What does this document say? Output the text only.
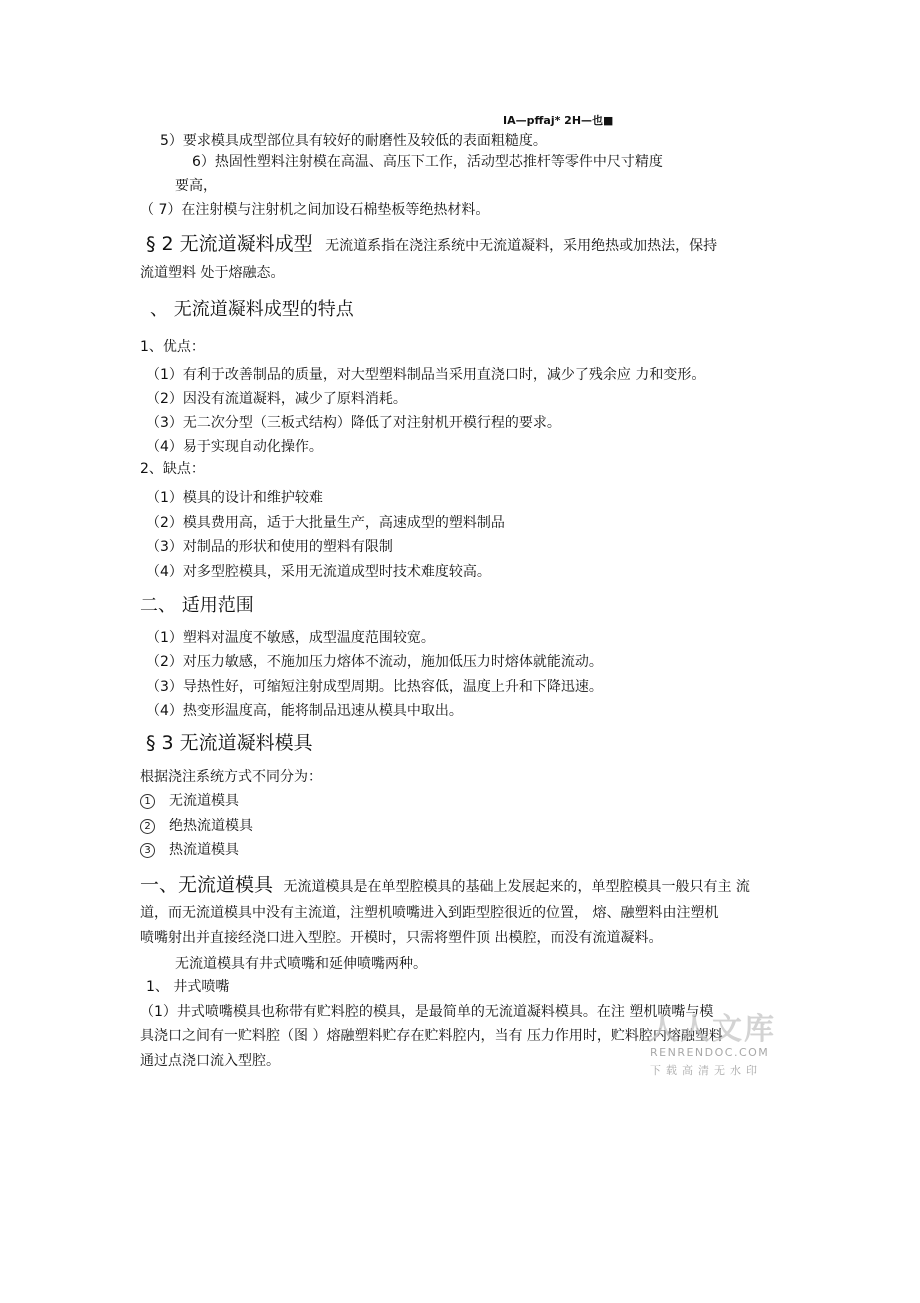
IA—pffaj* 2H—也■
5）要求模具成型部位具有较好的耐磨性及较低的表面粗糙度。
6）热固性塑料注射模在高温、高压下工作，活动型芯推杆等零件中尺寸精度
要高，
（ 7）在注射模与注射机之间加设石棉垫板等绝热材料。
§ 2 无流道凝料成型 无流道系指在浇注系统中无流道凝料，采用绝热或加热法，保持
流道塑料 处于熔融态。
、 无流道凝料成型的特点
1、优点：
（1）有利于改善制品的质量，对大型塑料制品当采用直浇口时，减少了残余应 力和变形。
（2）因没有流道凝料，减少了原料消耗。
（3）无二次分型（三板式结构）降低了对注射机开模行程的要求。
（4）易于实现自动化操作。
2、缺点：
（1）模具的设计和维护较难
（2）模具费用高，适于大批量生产，高速成型的塑料制品
（3）对制品的形状和使用的塑料有限制
（4）对多型腔模具，采用无流道成型时技术难度较高。
二、 适用范围
（1）塑料对温度不敏感，成型温度范围较宽。
（2）对压力敏感，不施加压力熔体不流动，施加低压力时熔体就能流动。
（3）导热性好，可缩短注射成型周期。比热容低，温度上升和下降迅速。
（4）热变形温度高，能将制品迅速从模具中取出。
§ 3 无流道凝料模具
根据浇注系统方式不同分为：
1 无流道模具
2 绝热流道模具
3 热流道模具
一、无流道模具 无流道模具是在单型腔模具的基础上发展起来的，单型腔模具一般只有主 流
道，而无流道模具中没有主流道，注塑机喷嘴进入到距型腔很近的位置， 熔、融塑料由注塑机
喷嘴射出并直接经浇口进入型腔。开模时，只需将塑件顶 出模腔，而没有流道凝料。
无流道模具有井式喷嘴和延伸喷嘴两种。
1、 井式喷嘴
（1）井式喷嘴模具也称带有贮料腔的模具，是最简单的无流道凝料模具。在注 塑机喷嘴与模
具浇口之间有一贮料腔（图 ）熔融塑料贮存在贮料腔内，当有 压力作用时，贮料腔内熔融塑料
通过点浇口流入型腔。
人人文库
RENRENDOC.COM
下载高清无水印
